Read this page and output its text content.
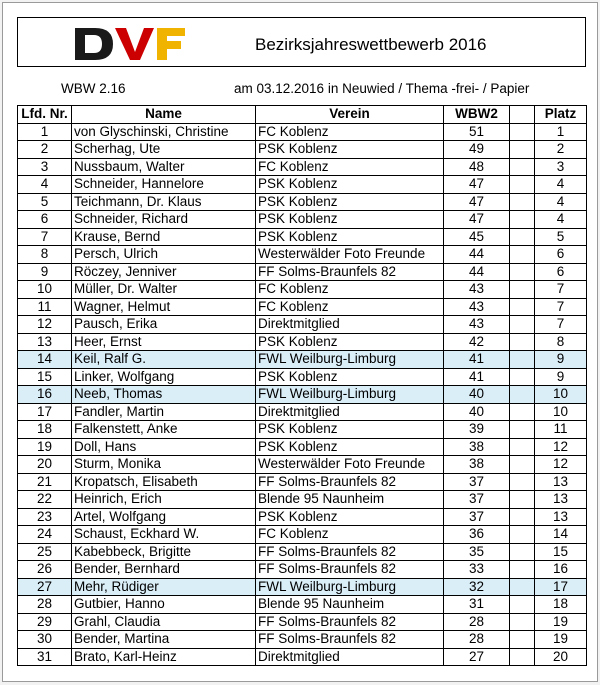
Bezirksjahreswettbewerb 2016
WBW 2.16	am 03.12.2016 in Neuwied / Thema -frei- / Papier
Lfd. Nr.	Name	Verein	WBW2		Platz
1	von Glyschinski, Christine	FC Koblenz	51		1
2	Scherhag, Ute	PSK Koblenz	49		2
3	Nussbaum, Walter	FC Koblenz	48		3
4	Schneider, Hannelore	PSK Koblenz	47		4
5	Teichmann, Dr. Klaus	PSK Koblenz	47		4
6	Schneider, Richard	PSK Koblenz	47		4
7	Krause, Bernd	PSK Koblenz	45		5
8	Persch, Ulrich	Westerwälder Foto Freunde	44		6
9	Röczey, Jenniver	FF Solms-Braunfels 82	44		6
10	Müller, Dr. Walter	FC Koblenz	43		7
11	Wagner, Helmut	FC Koblenz	43		7
12	Pausch, Erika	Direktmitglied	43		7
13	Heer, Ernst	PSK Koblenz	42		8
14	Keil, Ralf G.	FWL Weilburg-Limburg	41		9
15	Linker, Wolfgang	PSK Koblenz	41		9
16	Neeb, Thomas	FWL Weilburg-Limburg	40		10
17	Fandler, Martin	Direktmitglied	40		10
18	Falkenstett, Anke	PSK Koblenz	39		11
19	Doll, Hans	PSK Koblenz	38		12
20	Sturm, Monika	Westerwälder Foto Freunde	38		12
21	Kropatsch, Elisabeth	FF Solms-Braunfels 82	37		13
22	Heinrich, Erich	Blende 95 Naunheim	37		13
23	Artel, Wolfgang	PSK Koblenz	37		13
24	Schaust, Eckhard W.	FC Koblenz	36		14
25	Kabebbeck, Brigitte	FF Solms-Braunfels 82	35		15
26	Bender, Bernhard	FF Solms-Braunfels 82	33		16
27	Mehr, Rüdiger	FWL Weilburg-Limburg	32		17
28	Gutbier, Hanno	Blende 95 Naunheim	31		18
29	Grahl, Claudia	FF Solms-Braunfels 82	28		19
30	Bender, Martina	FF Solms-Braunfels 82	28		19
31	Brato, Karl-Heinz	Direktmitglied	27		20
